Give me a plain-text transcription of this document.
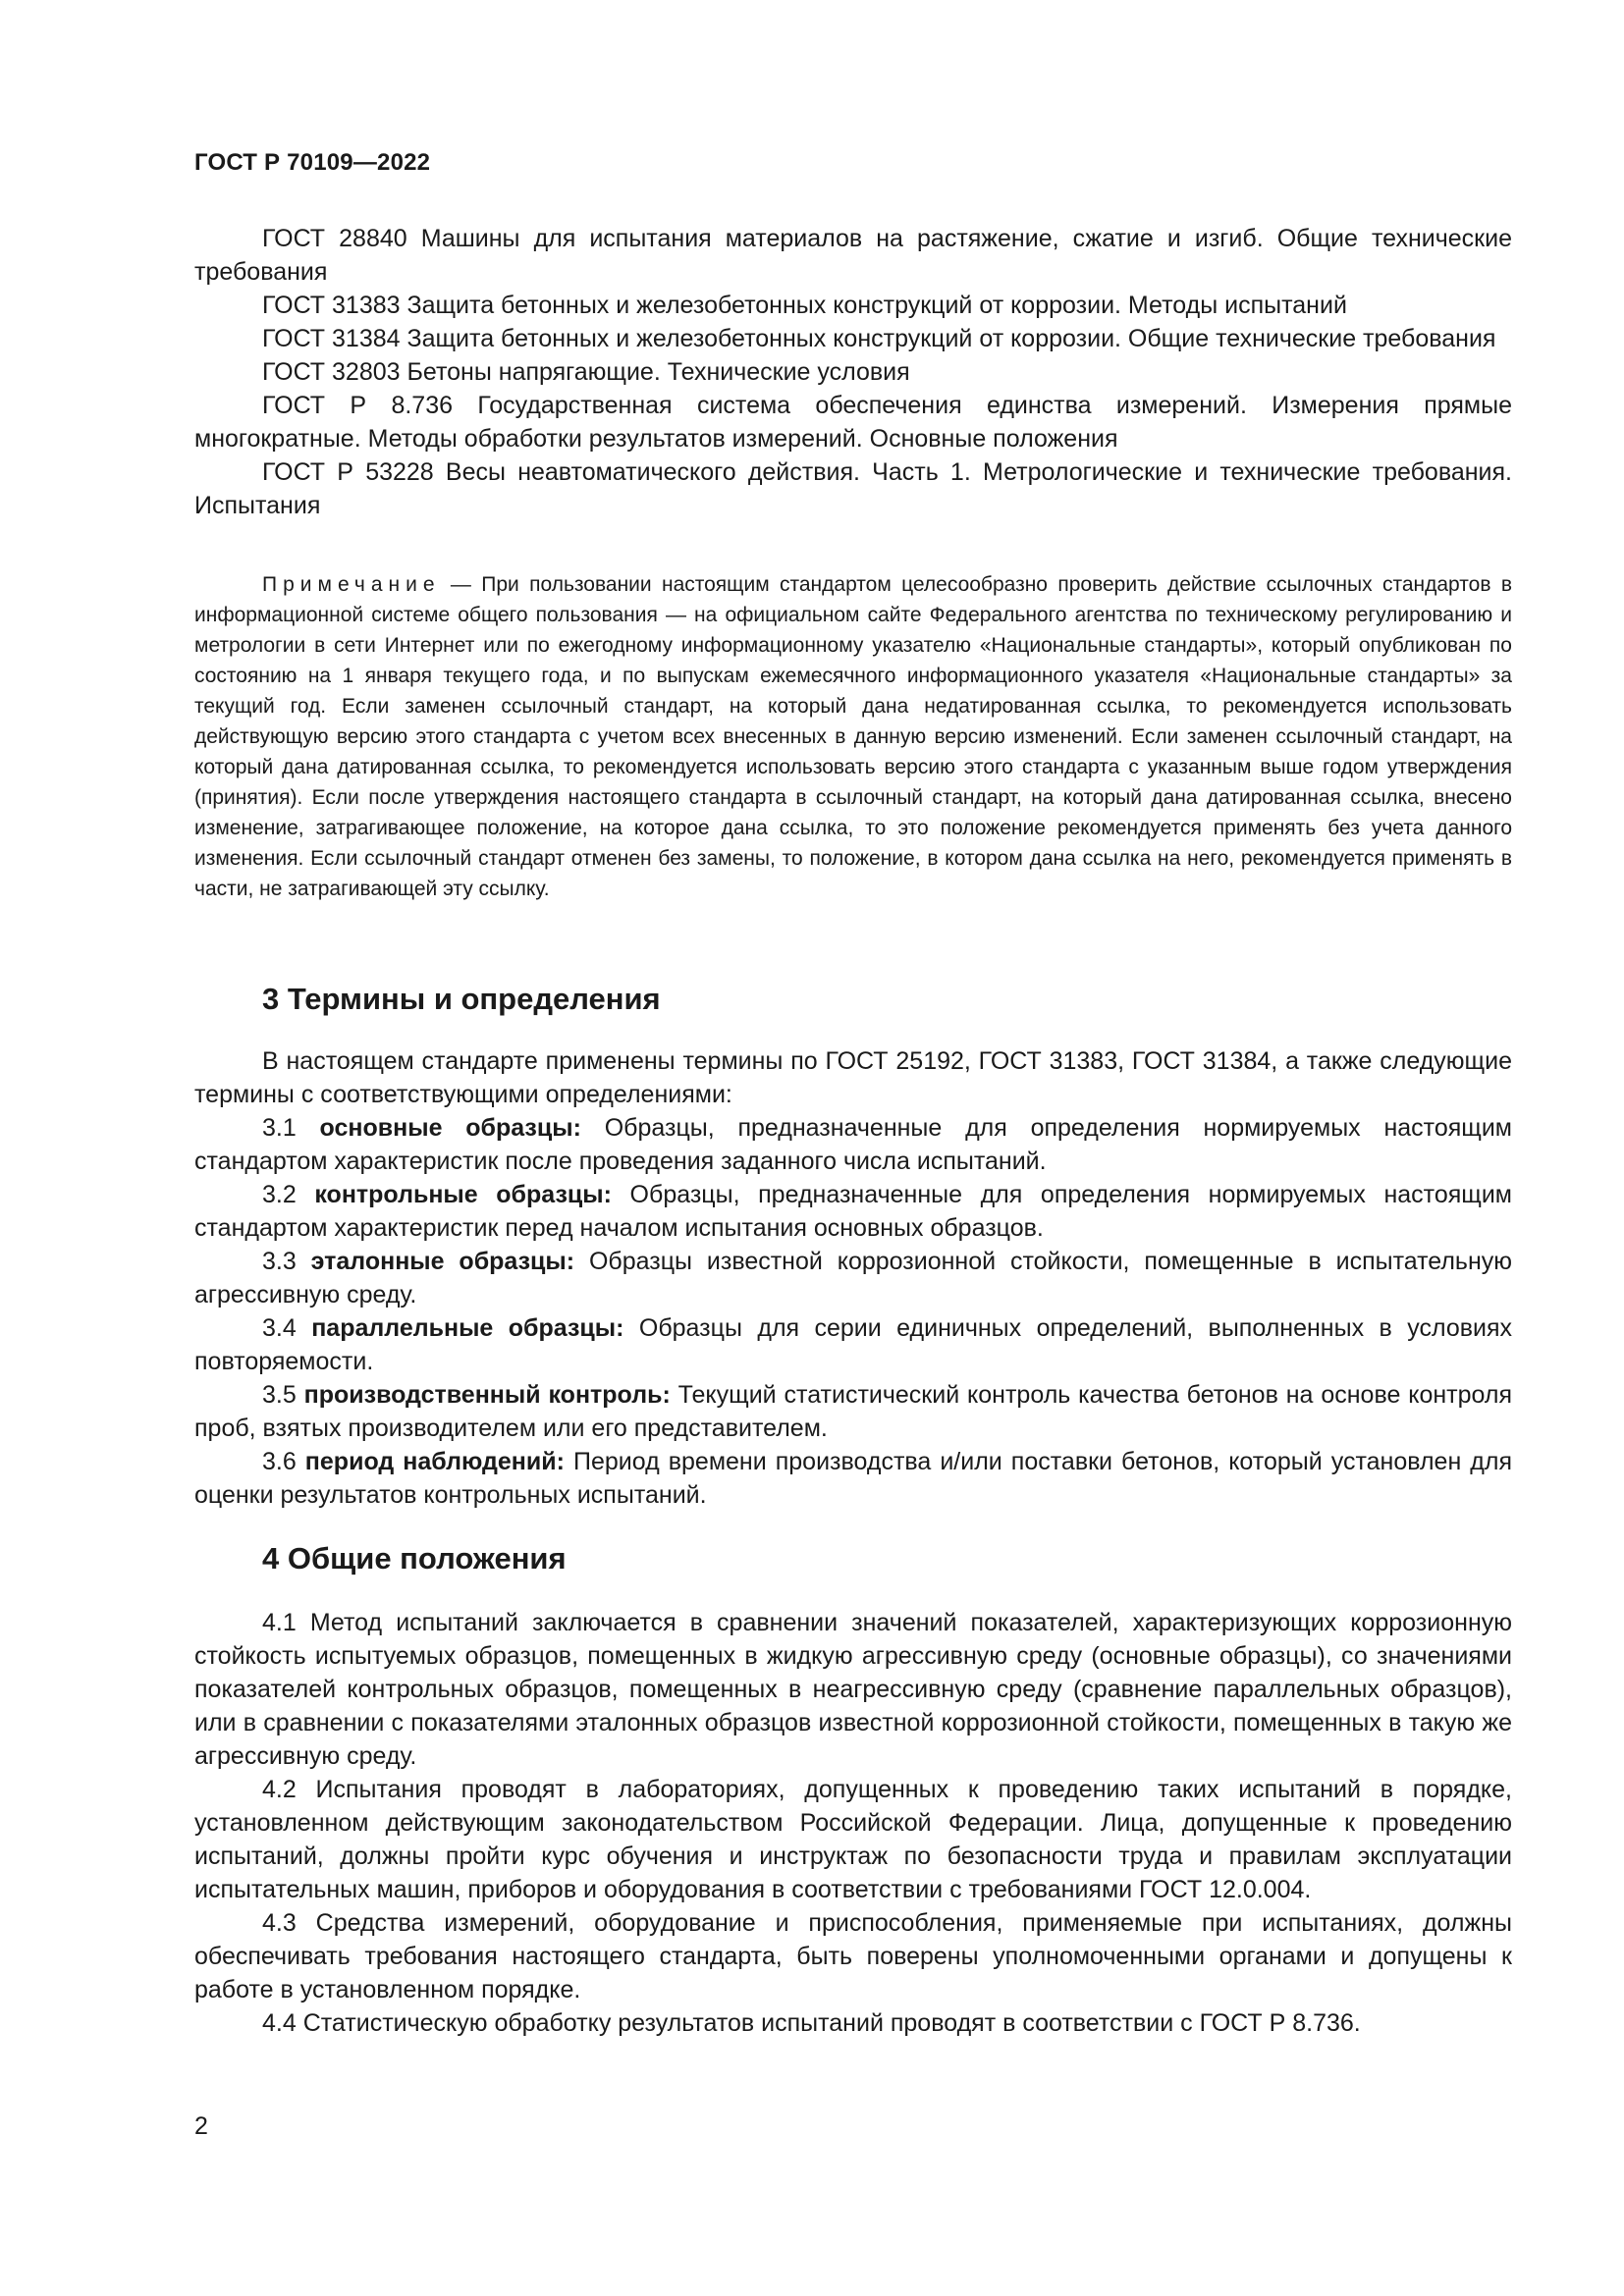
ГОСТ Р 70109—2022

ГОСТ 28840 Машины для испытания материалов на растяжение, сжатие и изгиб. Общие технические требования

ГОСТ 31383 Защита бетонных и железобетонных конструкций от коррозии. Методы испытаний

ГОСТ 31384 Защита бетонных и железобетонных конструкций от коррозии. Общие технические требования

ГОСТ 32803 Бетоны напрягающие. Технические условия

ГОСТ Р 8.736 Государственная система обеспечения единства измерений. Измерения прямые многократные. Методы обработки результатов измерений. Основные положения

ГОСТ Р 53228 Весы неавтоматического действия. Часть 1. Метрологические и технические требования. Испытания

Примечание — При пользовании настоящим стандартом целесообразно проверить действие ссылочных стандартов в информационной системе общего пользования — на официальном сайте Федерального агентства по техническому регулированию и метрологии в сети Интернет или по ежегодному информационному указателю «Национальные стандарты», который опубликован по состоянию на 1 января текущего года, и по выпускам ежемесячного информационного указателя «Национальные стандарты» за текущий год. Если заменен ссылочный стандарт, на который дана недатированная ссылка, то рекомендуется использовать действующую версию этого стандарта с учетом всех внесенных в данную версию изменений. Если заменен ссылочный стандарт, на который дана датированная ссылка, то рекомендуется использовать версию этого стандарта с указанным выше годом утверждения (принятия). Если после утверждения настоящего стандарта в ссылочный стандарт, на который дана датированная ссылка, внесено изменение, затрагивающее положение, на которое дана ссылка, то это положение рекомендуется применять без учета данного изменения. Если ссылочный стандарт отменен без замены, то положение, в котором дана ссылка на него, рекомендуется применять в части, не затрагивающей эту ссылку.

3 Термины и определения

В настоящем стандарте применены термины по ГОСТ 25192, ГОСТ 31383, ГОСТ 31384, а также следующие термины с соответствующими определениями:

3.1 основные образцы: Образцы, предназначенные для определения нормируемых настоящим стандартом характеристик после проведения заданного числа испытаний.

3.2 контрольные образцы: Образцы, предназначенные для определения нормируемых настоящим стандартом характеристик перед началом испытания основных образцов.

3.3 эталонные образцы: Образцы известной коррозионной стойкости, помещенные в испытательную агрессивную среду.

3.4 параллельные образцы: Образцы для серии единичных определений, выполненных в условиях повторяемости.

3.5 производственный контроль: Текущий статистический контроль качества бетонов на основе контроля проб, взятых производителем или его представителем.

3.6 период наблюдений: Период времени производства и/или поставки бетонов, который установлен для оценки результатов контрольных испытаний.

4 Общие положения

4.1 Метод испытаний заключается в сравнении значений показателей, характеризующих коррозионную стойкость испытуемых образцов, помещенных в жидкую агрессивную среду (основные образцы), со значениями показателей контрольных образцов, помещенных в неагрессивную среду (сравнение параллельных образцов), или в сравнении с показателями эталонных образцов известной коррозионной стойкости, помещенных в такую же агрессивную среду.

4.2 Испытания проводят в лабораториях, допущенных к проведению таких испытаний в порядке, установленном действующим законодательством Российской Федерации. Лица, допущенные к проведению испытаний, должны пройти курс обучения и инструктаж по безопасности труда и правилам эксплуатации испытательных машин, приборов и оборудования в соответствии с требованиями ГОСТ 12.0.004.

4.3 Средства измерений, оборудование и приспособления, применяемые при испытаниях, должны обеспечивать требования настоящего стандарта, быть поверены уполномоченными органами и допущены к работе в установленном порядке.

4.4 Статистическую обработку результатов испытаний проводят в соответствии с ГОСТ Р 8.736.

2
